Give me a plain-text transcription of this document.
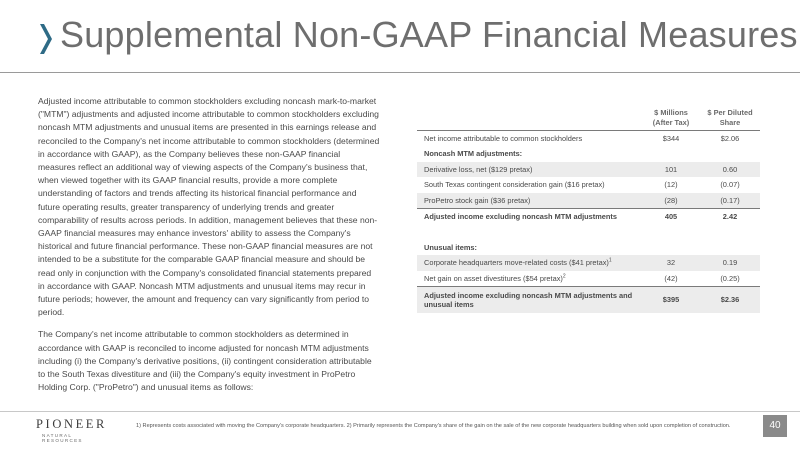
Supplemental Non-GAAP Financial Measures

Adjusted income attributable to common stockholders excluding noncash mark-to-market ("MTM") adjustments and adjusted income attributable to common stockholders excluding noncash MTM adjustments and unusual items are presented in this earnings release and reconciled to the Company's net income attributable to common stockholders (determined in accordance with GAAP), as the Company believes these non-GAAP financial measures reflect an additional way of viewing aspects of the Company's business that, when viewed together with its GAAP financial results, provide a more complete understanding of factors and trends affecting its historical financial performance and future operating results, greater transparency of underlying trends and greater comparability of results across periods. In addition, management believes that these non-GAAP financial measures may enhance investors' ability to assess the Company's historical and future financial performance. These non-GAAP financial measures are not intended to be a substitute for the comparable GAAP financial measure and should be read only in conjunction with the Company's consolidated financial statements prepared in accordance with GAAP. Noncash MTM adjustments and unusual items may recur in future periods; however, the amount and frequency can vary significantly from period to period.

The Company's net income attributable to common stockholders as determined in accordance with GAAP is reconciled to income adjusted for noncash MTM adjustments including (i) the Company's derivative positions, (ii) contingent consideration attributable to the South Texas divestiture and (iii) the Company's equity investment in ProPetro Holding Corp. ("ProPetro") and unusual items as follows:

	$ Millions (After Tax)	$ Per Diluted Share
Net income attributable to common stockholders	$344	$2.06
Noncash MTM adjustments:		
Derivative loss, net ($129 pretax)	101	0.60
South Texas contingent consideration gain ($16 pretax)	(12)	(0.07)
ProPetro stock gain ($36 pretax)	(28)	(0.17)
Adjusted income excluding noncash MTM adjustments	405	2.42

Unusual items:		
Corporate headquarters move-related costs ($41 pretax)$^1$	32	0.19
Net gain on asset divestitures ($54 pretax)$^2$	(42)	(0.25)
Adjusted income excluding noncash MTM adjustments and unusual items	$395	$2.36
PIONEER
NATURAL RESOURCES
1) Represents costs associated with moving the Company's corporate headquarters. 2) Primarily represents the Company's share of the gain on the sale of the new corporate headquarters building when sold upon completion of construction.	40
